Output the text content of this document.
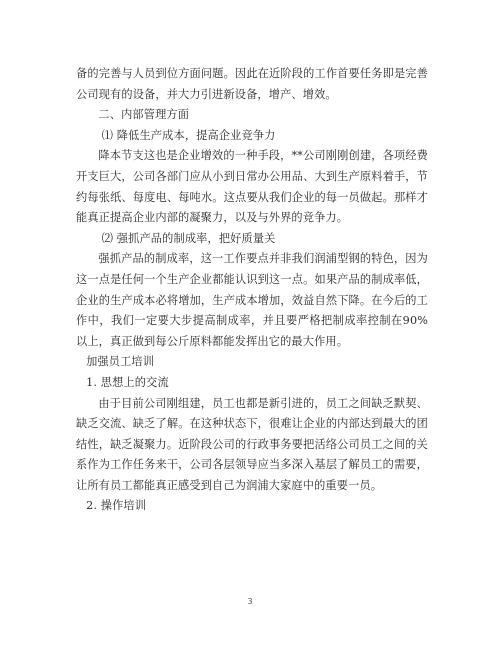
备的完善与人员到位方面问题。因此在近阶段的工作首要任务即是完善公司现有的设备，并大力引进新设备，增产、增效。

二、内部管理方面

⑴ 降低生产成本，提高企业竞争力

降本节支这也是企业增效的一种手段，**公司刚刚创建，各项经费开支巨大，公司各部门应从小到日常办公用品、大到生产原料着手，节约每张纸、每度电、每吨水。这点要从我们企业的每一员做起。那样才能真正提高企业内部的凝聚力，以及与外界的竞争力。

⑵ 强抓产品的制成率，把好质量关

强抓产品的制成率，这一工作要点并非我们润浦型钢的特色，因为这一点是任何一个生产企业都能认识到这一点。如果产品的制成率低，企业的生产成本必将增加，生产成本增加，效益自然下降。在今后的工作中，我们一定要大步提高制成率，并且要严格把制成率控制在90%以上，真正做到每公斤原料都能发挥出它的最大作用。

加强员工培训

1. 思想上的交流

由于目前公司刚组建，员工也都是新引进的，员工之间缺乏默契、缺乏交流、缺乏了解。在这种状态下，很难让企业的内部达到最大的团结性，缺乏凝聚力。近阶段公司的行政事务要把活络公司员工之间的关系作为工作任务来干，公司各层领导应当多深入基层了解员工的需要，让所有员工都能真正感受到自己为润浦大家庭中的重要一员。

2. 操作培训

3
